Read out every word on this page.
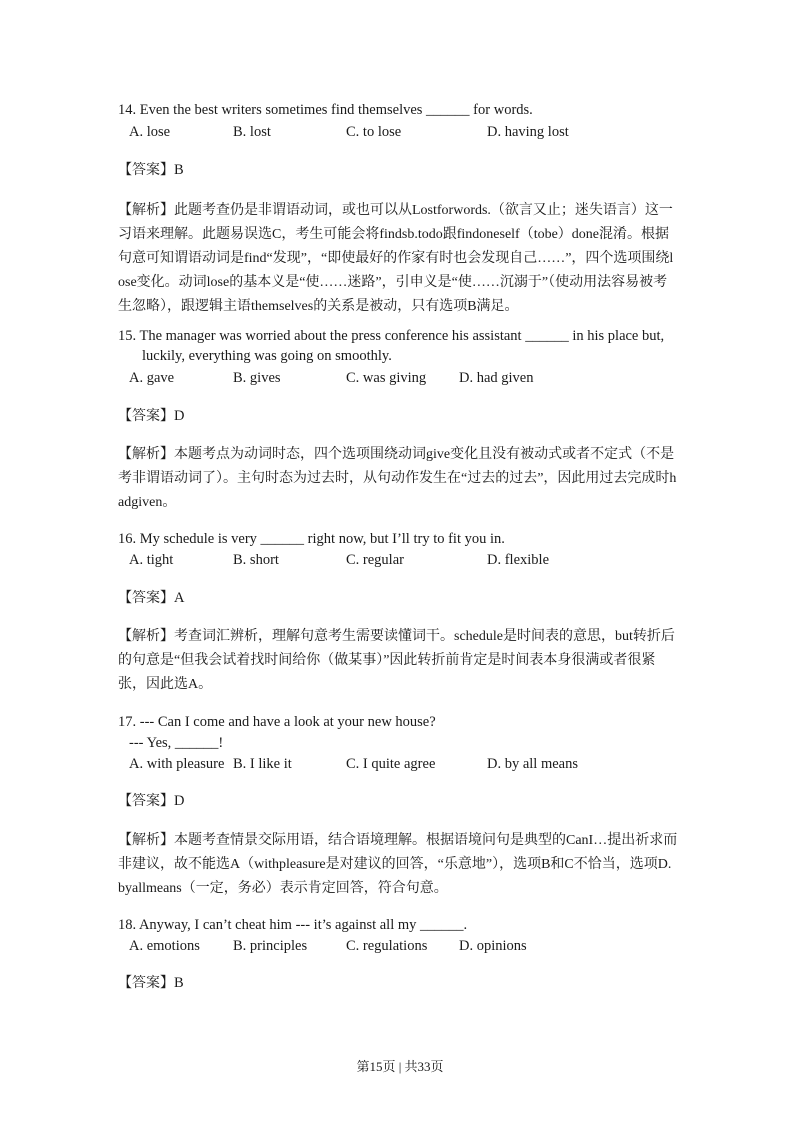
14. Even the best writers sometimes find themselves ______ for words.
A. lose	B. lost	C. to lose	D. having lost
【答案】B
【解析】此题考查仍是非谓语动词，或也可以从Lostforwords.（欲言又止；迷失语言）这一习语来理解。此题易误选C，考生可能会将findsb.todo跟findoneself（tobe）done混淆。根据句意可知谓语动词是find“发现”，“即使最好的作家有时也会发现自己……”，四个选项围绕lose变化。动词lose的基本义是“使……迷路”，引申义是“使……沉溺于”（使动用法容易被考生忽略），跟逻辑主语themselves的关系是被动，只有选项B满足。
15. The manager was worried about the press conference his assistant ______ in his place but,
luckily, everything was going on smoothly.
A. gave	B. gives	C. was giving D. had given
【答案】D
【解析】本题考点为动词时态，四个选项围绕动词give变化且没有被动式或者不定式（不是考非谓语动词了）。主句时态为过去时，从句动作发生在“过去的过去”，因此用过去完成时hadgiven。
16. My schedule is very ______ right now, but I’ll try to fit you in.
A. tight	B. short	C. regular	D. flexible
【答案】A
【解析】考查词汇辨析，理解句意考生需要读懂词干。schedule是时间表的意思，but转折后的句意是“但我会试着找时间给你（做某事）”因此转折前肯定是时间表本身很满或者很紧张，因此选A。
17. --- Can I come and have a look at your new house?
--- Yes, ______!
A. with pleasure B. I like it	C. I quite agree	D. by all means
【答案】D
【解析】本题考查情景交际用语，结合语境理解。根据语境问句是典型的CanI…提出祈求而非建议，故不能选A（withpleasure是对建议的回答，“乐意地”），选项B和C不恰当，选项D.byallmeans（一定，务必）表示肯定回答，符合句意。
18. Anyway, I can’t cheat him --- it’s against all my ______.
A. emotions B. principles	C. regulations D. opinions
【答案】B
第15页 | 共33页
